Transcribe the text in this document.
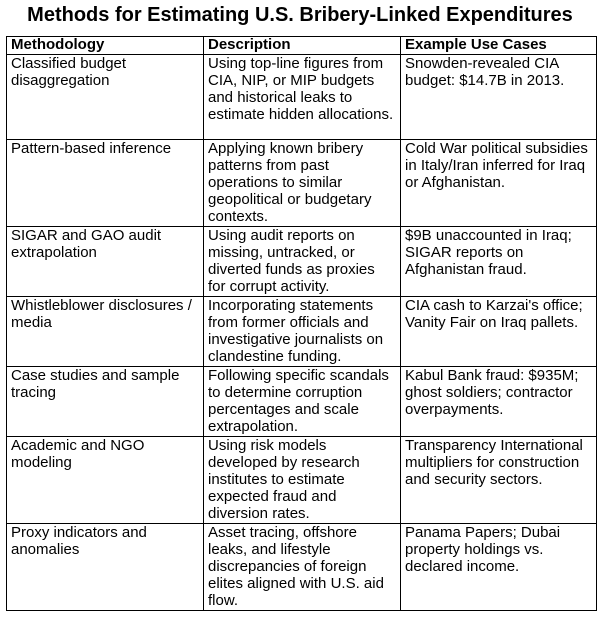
Methods for Estimating U.S. Bribery-Linked Expenditures
Methodology	Description	Example Use Cases
Classified budget disaggregation	Using top-line figures from CIA, NIP, or MIP budgets and historical leaks to estimate hidden allocations.	Snowden-revealed CIA budget: $14.7B in 2013.
Pattern-based inference	Applying known bribery patterns from past operations to similar geopolitical or budgetary contexts.	Cold War political subsidies in Italy/Iran inferred for Iraq or Afghanistan.
SIGAR and GAO audit extrapolation	Using audit reports on missing, untracked, or diverted funds as proxies for corrupt activity.	$9B unaccounted in Iraq; SIGAR reports on Afghanistan fraud.
Whistleblower disclosures / media	Incorporating statements from former officials and investigative journalists on clandestine funding.	CIA cash to Karzai's office; Vanity Fair on Iraq pallets.
Case studies and sample tracing	Following specific scandals to determine corruption percentages and scale extrapolation.	Kabul Bank fraud: $935M; ghost soldiers; contractor overpayments.
Academic and NGO modeling	Using risk models developed by research institutes to estimate expected fraud and diversion rates.	Transparency International multipliers for construction and security sectors.
Proxy indicators and anomalies	Asset tracing, offshore leaks, and lifestyle discrepancies of foreign elites aligned with U.S. aid flow.	Panama Papers; Dubai property holdings vs. declared income.
